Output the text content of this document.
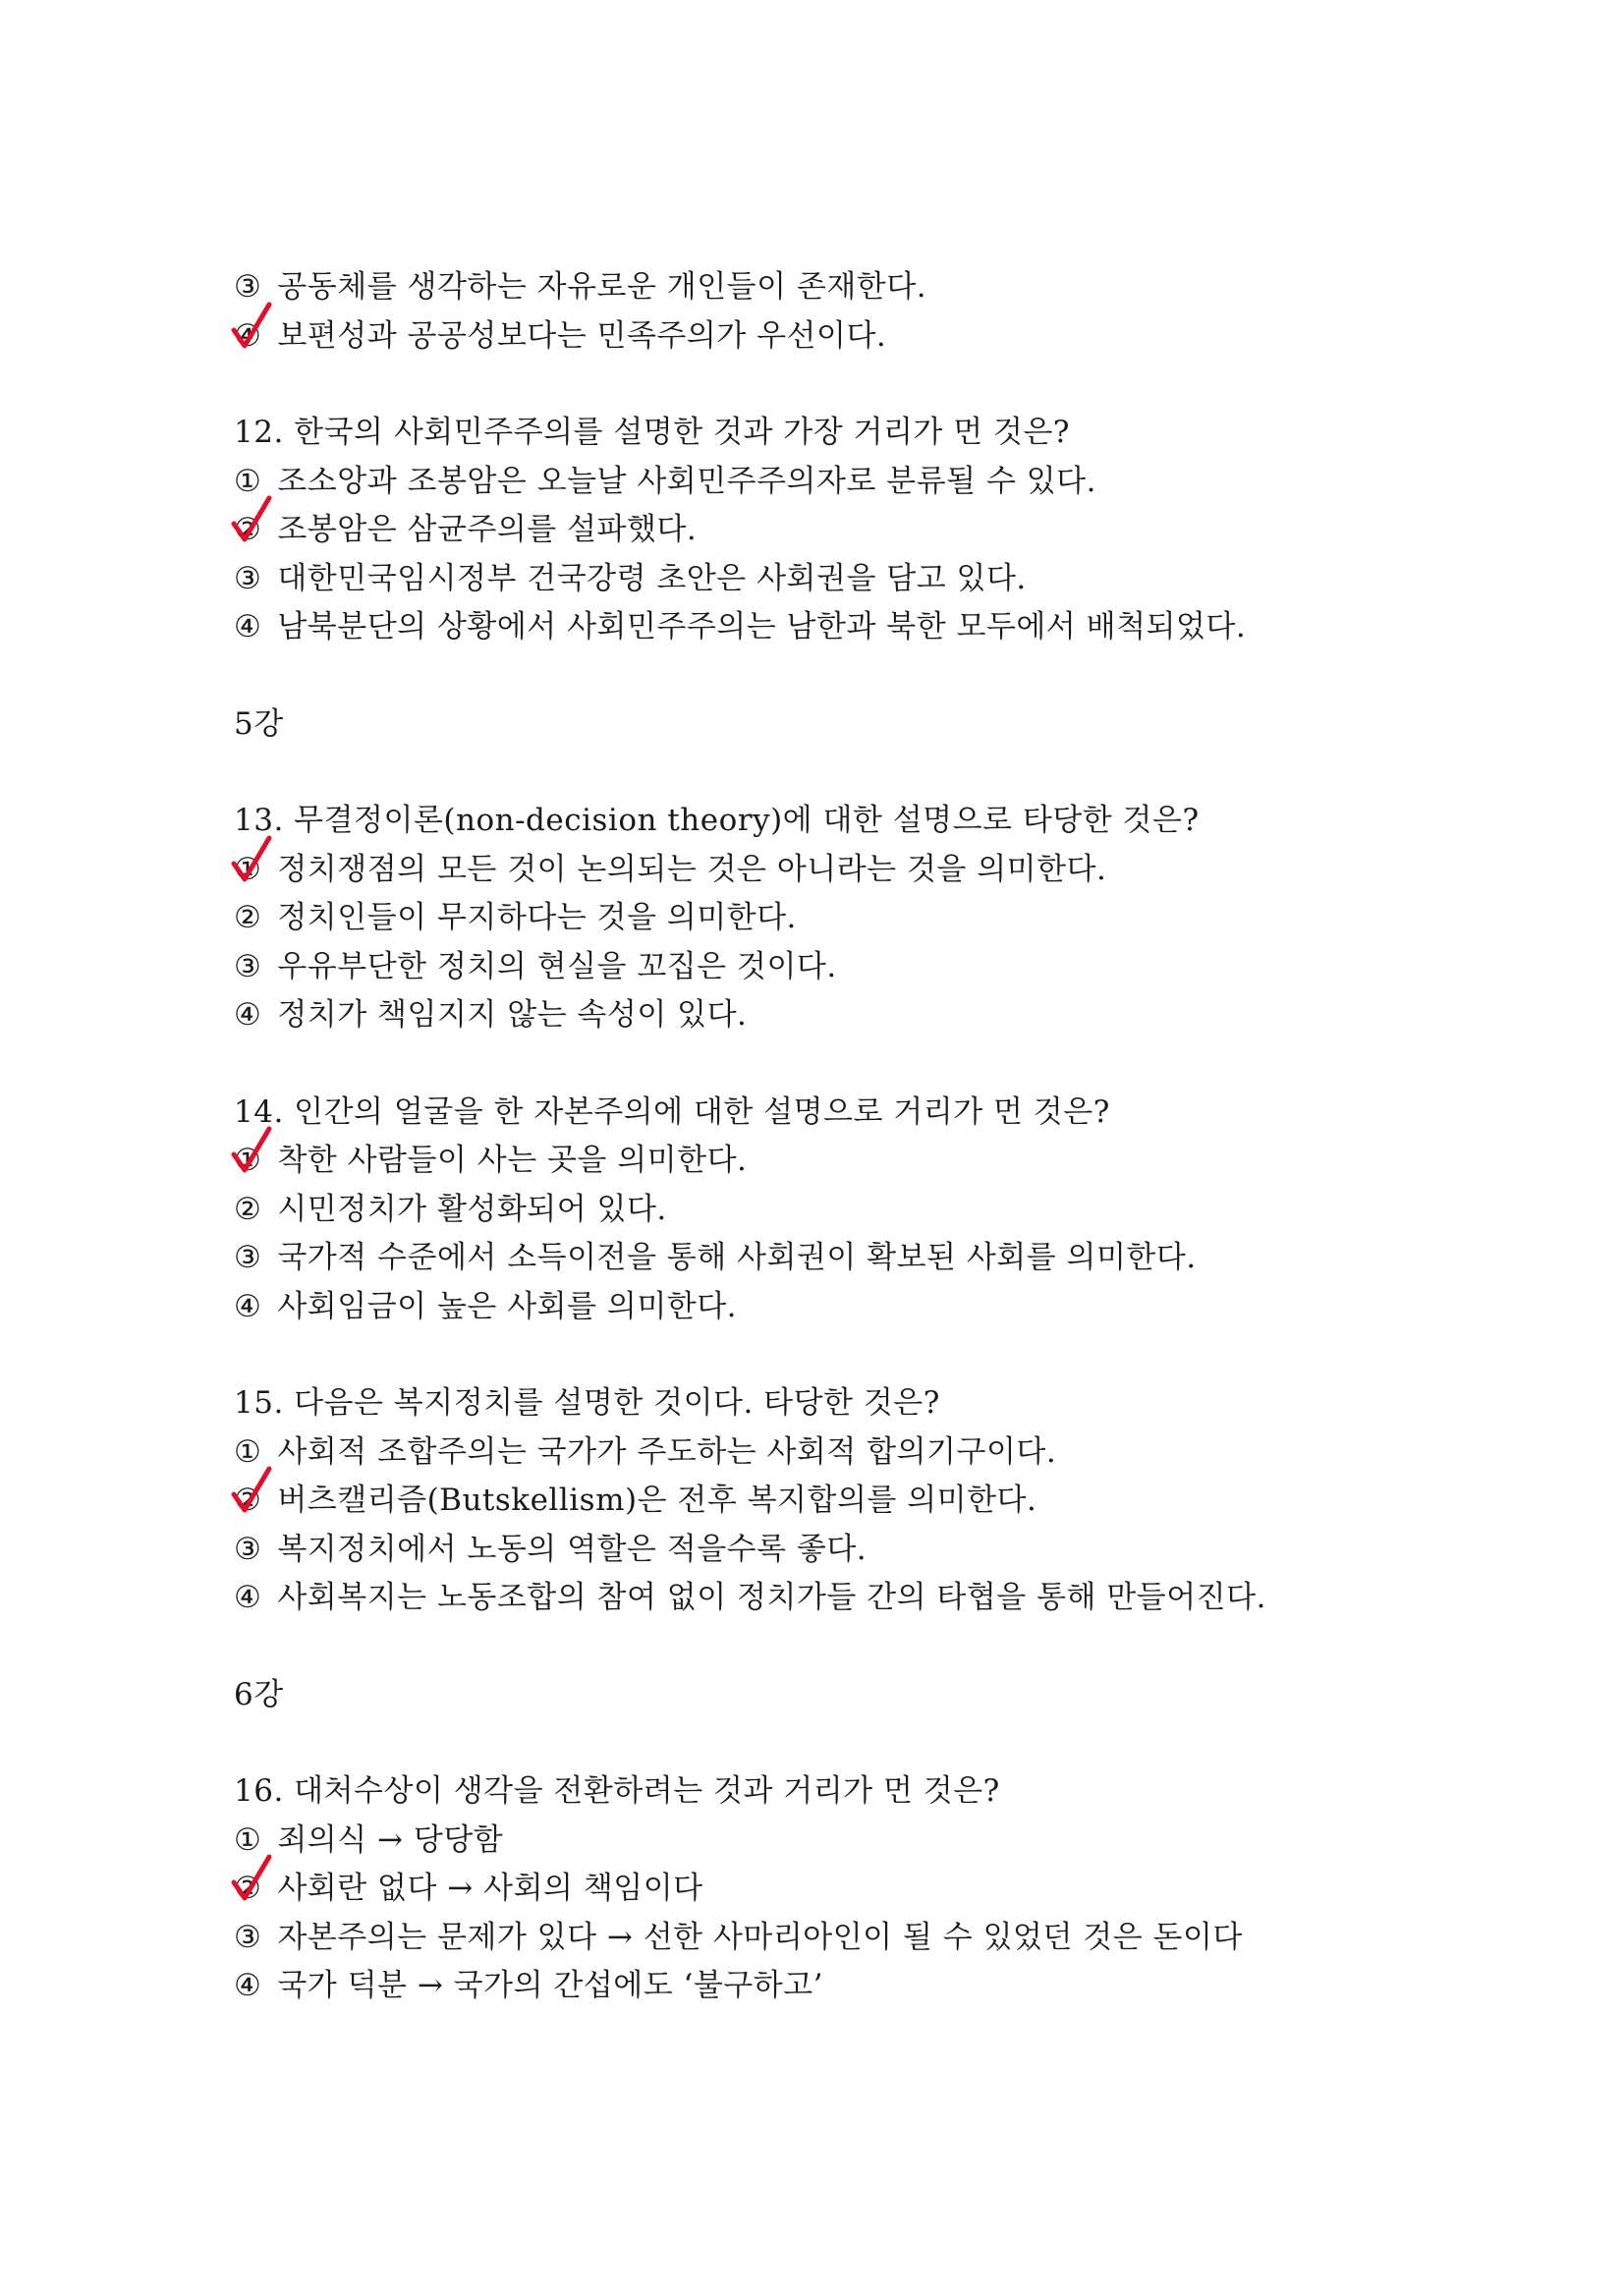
③ 공동체를 생각하는 자유로운 개인들이 존재한다.
④ 보편성과 공공성보다는 민족주의가 우선이다.
12. 한국의 사회민주주의를 설명한 것과 가장 거리가 먼 것은?
① 조소앙과 조봉암은 오늘날 사회민주주의자로 분류될 수 있다.
② 조봉암은 삼균주의를 설파했다.
③ 대한민국임시정부 건국강령 초안은 사회권을 담고 있다.
④ 남북분단의 상황에서 사회민주주의는 남한과 북한 모두에서 배척되었다.
5강
13. 무결정이론(non-decision theory)에 대한 설명으로 타당한 것은?
① 정치쟁점의 모든 것이 논의되는 것은 아니라는 것을 의미한다.
② 정치인들이 무지하다는 것을 의미한다.
③ 우유부단한 정치의 현실을 꼬집은 것이다.
④ 정치가 책임지지 않는 속성이 있다.
14. 인간의 얼굴을 한 자본주의에 대한 설명으로 거리가 먼 것은?
① 착한 사람들이 사는 곳을 의미한다.
② 시민정치가 활성화되어 있다.
③ 국가적 수준에서 소득이전을 통해 사회권이 확보된 사회를 의미한다.
④ 사회임금이 높은 사회를 의미한다.
15. 다음은 복지정치를 설명한 것이다. 타당한 것은?
① 사회적 조합주의는 국가가 주도하는 사회적 합의기구이다.
② 버츠캘리즘(Butskellism)은 전후 복지합의를 의미한다.
③ 복지정치에서 노동의 역할은 적을수록 좋다.
④ 사회복지는 노동조합의 참여 없이 정치가들 간의 타협을 통해 만들어진다.
6강
16. 대처수상이 생각을 전환하려는 것과 거리가 먼 것은?
① 죄의식 → 당당함
② 사회란 없다 → 사회의 책임이다
③ 자본주의는 문제가 있다 → 선한 사마리아인이 될 수 있었던 것은 돈이다
④ 국가 덕분 → 국가의 간섭에도 ‘불구하고’
